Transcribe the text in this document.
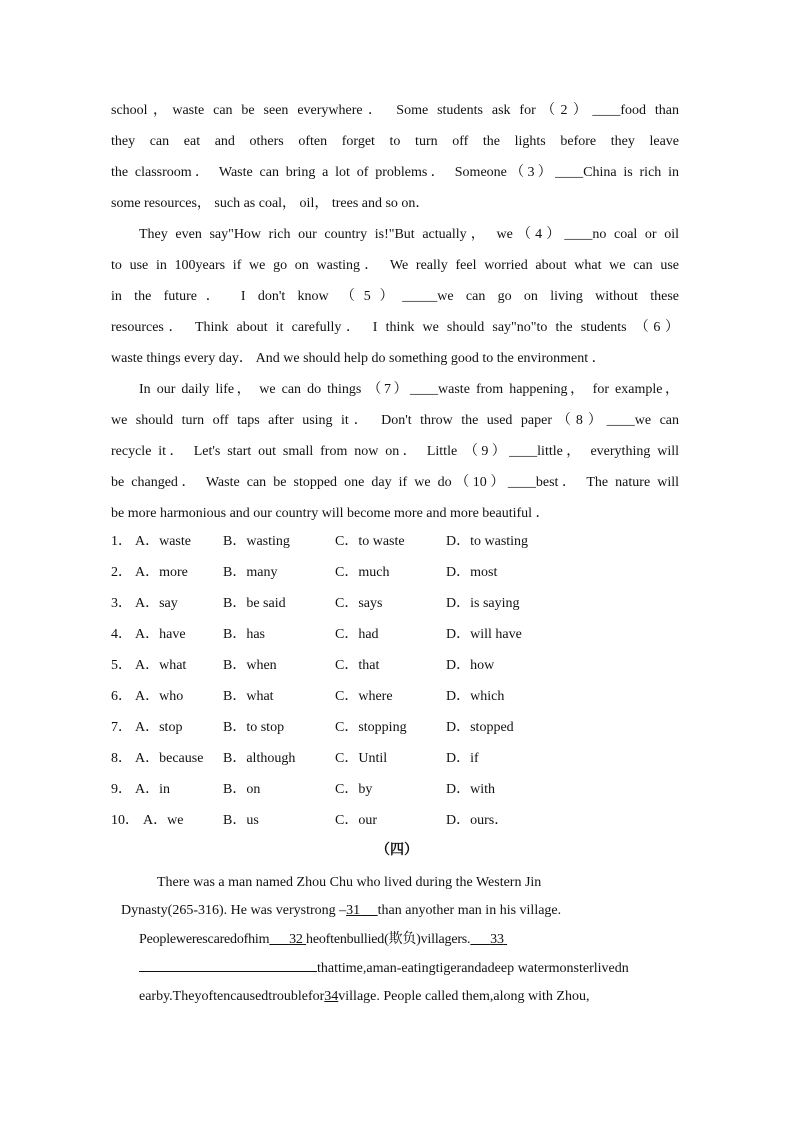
school，waste can be seen everywhere． Some students ask for（2）____food than
they can eat and others often forget to turn off the lights before they leave
the classroom． Waste can bring a lot of problems． Someone（3）____China is rich in
some resources， such as coal， oil， trees and so on．
They even say"How rich our country is!"But actually， we（4）____no coal or oil
to use in 100years if we go on wasting． We really feel worried about what we can use
in the future． I don't know （5）_____we can go on living without these
resources． Think about it carefully． I think we should say"no"to the students （6）
waste things every day． And we should help do something good to the environment ．
In our daily life， we can do things （7）____waste from happening， for example，
we should turn off taps after using it． Don't throw the used paper（8）____we can
recycle it． Let's start out small from now on． Little （9）____little， everything will
be changed． Waste can be stopped one day if we do（10）____best． The nature will
be more harmonious and our country will become more and more beautiful ．
1． A．waste B．wasting	C．to waste	D．to wasting
2． A．more	B．many	C．much	D．most
3． A．say	B．be said	C．says	D．is saying
4． A．have	B．has	C．had	D．will have
5． A．what	B．when	C．that	D．how
6． A．who	B．what	C．where	D．which
7． A．stop	B．to stop	C．stopping	D．stopped
8． A．because B．although	C．Until	D．if
9． A．in	B．on	C．by	D．with
10． A．we	B．us	C．our	D．ours．
（四）
There was a man named Zhou Chu who lived during the Western Jin
Dynasty(265-316). He was verystrong –31 than anyother man in his village.
Peoplewerescaredofhim 32 heoftenbullied(欺负)villagers. 33
thattime,aman-eatingtigerandadeep watermonsterlivedn
earby.Theyoftencausedtroublefor34village. People called them,along with Zhou,
